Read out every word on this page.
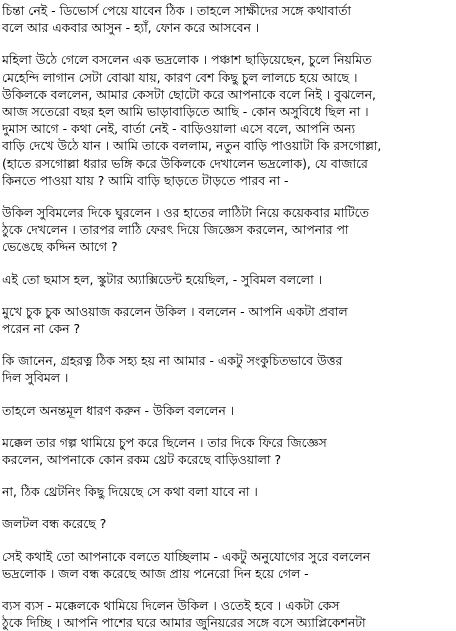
চিন্তা নেই - ডিভোর্স পেয়ে যাবেন ঠিক । তাহলে সাক্ষীদের সঙ্গে কথাবার্তা
বলে আর একবার আসুন - হ্যাঁ, ফোন করে আসবেন ।
মহিলা উঠে গেলে বসলেন এক ভদ্রলোক । পঞ্চাশ ছাড়িয়েছেন, চুলে নিয়মিত
মেহেন্দি লাগান সেটা বোঝা যায়, কারণ বেশ কিছু চুল লালচে হয়ে আছে ।
উকিলকে বললেন, আমার কেসটা ছোটো করে আপনাকে বলে নিই । বুঝলেন,
আজ সতেরো বছর হল আমি ভাড়াবাড়িতে আছি - কোন অসুবিধে ছিল না ।
দুমাস আগে - কথা নেই, বার্তা নেই - বাড়িওয়ালা এসে বলে, আপনি অন্য
বাড়ি দেখে উঠে যান । আমি তাকে বললাম, নতুন বাড়ি পাওয়াটা কি রসগোল্লা,
(হাতে রসগোল্লা ধরার ভঙ্গি করে উকিলকে দেখালেন ভদ্রলোক), যে বাজারে
কিনতে পাওয়া যায় ? আমি বাড়ি ছাড়তে টাড়তে পারব না -
উকিল সুবিমলের দিকে ঘুরলেন । ওর হাতের লাঠিটা নিয়ে কয়েকবার মাটিতে
ঠুকে দেখলেন । তারপর লাঠি ফেরৎ দিয়ে জিজ্ঞেস করলেন, আপনার পা
ভেঙেছে কদ্দিন আগে ?
এই তো ছমাস হল, স্কুটার অ্যাক্সিডেন্ট হয়েছিল, - সুবিমল বললো ।
মুখে চুক চুক আওয়াজ করলেন উকিল । বললেন - আপনি একটা প্রবাল
পরেন না কেন ?
কি জানেন, গ্রহরত্ন ঠিক সহ্য হয় না আমার - একটু সংকুচিতভাবে উত্তর
দিল সুবিমল ।
তাহলে অনন্তমূল ধারণ করুন - উকিল বললেন ।
মক্কেল তার গল্প থামিয়ে চুপ করে ছিলেন । তার দিকে ফিরে জিজ্ঞেস
করলেন, আপনাকে কোন রকম থ্রেট করেছে বাড়িওয়ালা ?
না, ঠিক থ্রেটনিং কিছু দিয়েছে সে কথা বলা যাবে না ।
জলটল বন্ধ করেছে ?
সেই কথাই তো আপনাকে বলতে যাচ্ছিলাম - একটু অনুযোগের সুরে বললেন
ভদ্রলোক । জল বন্ধ করেছে আজ প্রায় পনেরো দিন হয়ে গেল -
ব্যস ব্যস - মক্কেলকে থামিয়ে দিলেন উকিল । ওতেই হবে । একটা কেস
ঠুকে দিচ্ছি । আপনি পাশের ঘরে আমার জুনিয়রের সঙ্গে বসে অ্যাপ্লিকেশনটা
